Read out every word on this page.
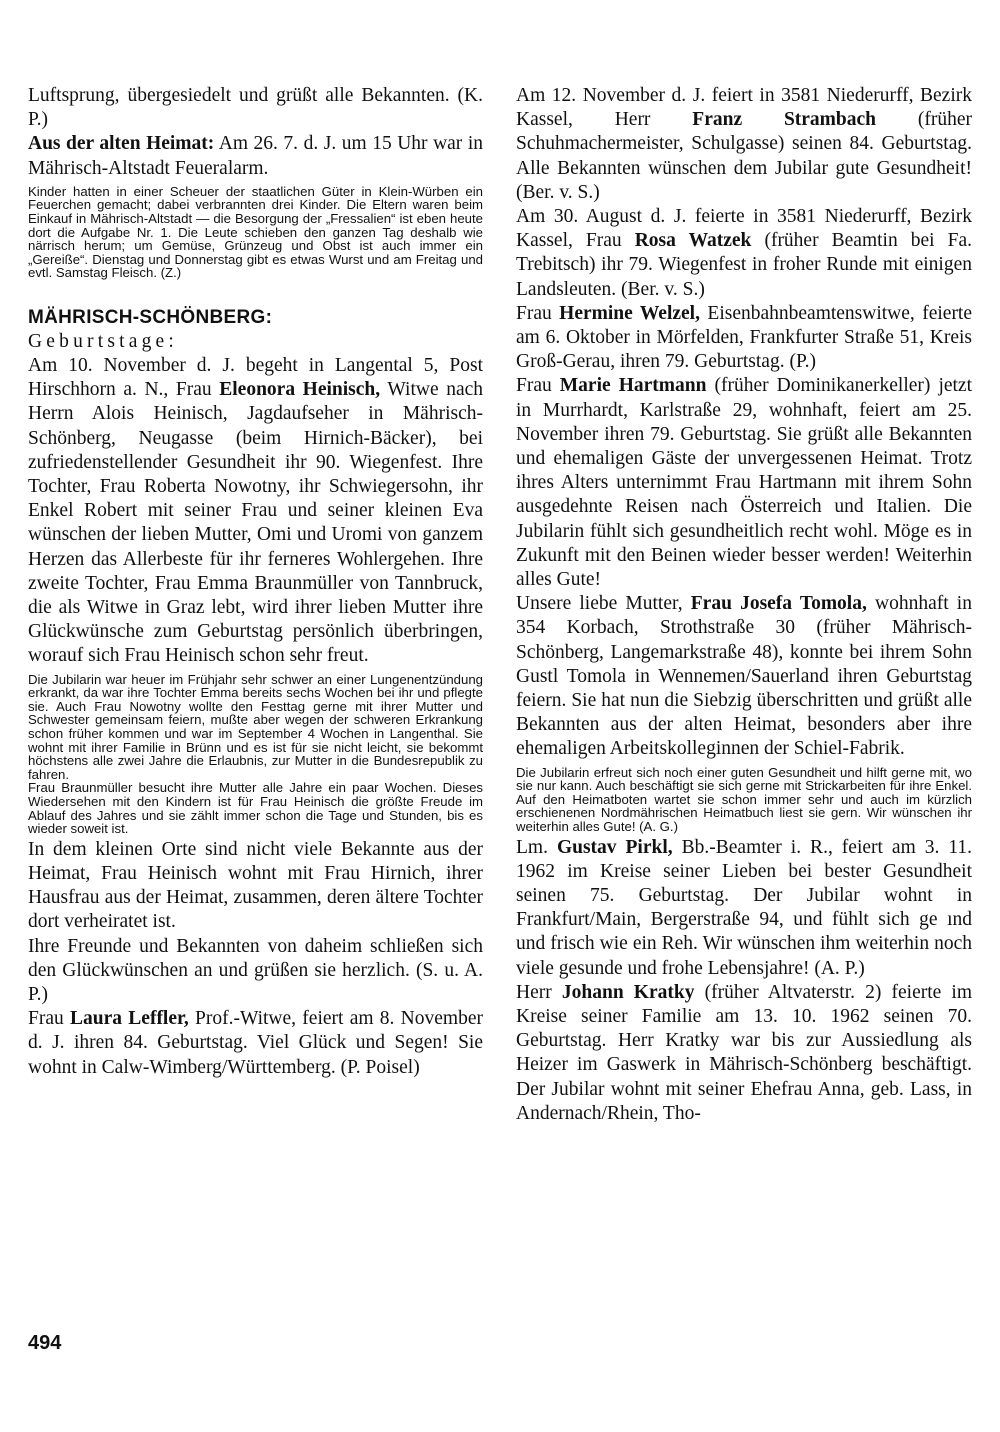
Luftsprung, übergesiedelt und grüßt alle Bekannten. (K. P.)

Aus der alten Heimat: Am 26. 7. d. J. um 15 Uhr war in Mährisch-Altstadt Feueralarm.

Kinder hatten in einer Scheuer der staatlichen Güter in Klein-Würben ein Feuerchen gemacht; dabei verbrannten drei Kinder. Die Eltern waren beim Einkauf in Mährisch-Altstadt — die Besorgung der „Fressalien“ ist eben heute dort die Aufgabe Nr. 1. Die Leute schieben den ganzen Tag deshalb wie närrisch herum; um Gemüse, Grünzeug und Obst ist auch immer ein „Gereiße“. Dienstag und Donnerstag gibt es etwas Wurst und am Freitag und evtl. Samstag Fleisch. (Z.)

MÄHRISCH-SCHÖNBERG:
Geburtstage:

Am 10. November d. J. begeht in Langental 5, Post Hirschhorn a. N., Frau Eleonora Heinisch, Witwe nach Herrn Alois Heinisch, Jagdaufseher in Mährisch-Schönberg, Neugasse (beim Hirnich-Bäcker), bei zufriedenstellender Gesundheit ihr 90. Wiegenfest. Ihre Tochter, Frau Roberta Nowotny, ihr Schwiegersohn, ihr Enkel Robert mit seiner Frau und seiner kleinen Eva wünschen der lieben Mutter, Omi und Uromi von ganzem Herzen das Allerbeste für ihr ferneres Wohlergehen. Ihre zweite Tochter, Frau Emma Braunmüller von Tannbruck, die als Witwe in Graz lebt, wird ihrer lieben Mutter ihre Glückwünsche zum Geburtstag persönlich überbringen, worauf sich Frau Heinisch schon sehr freut.

Die Jubilarin war heuer im Frühjahr sehr schwer an einer Lungenentzündung erkrankt, da war ihre Tochter Emma bereits sechs Wochen bei ihr und pflegte sie. Auch Frau Nowotny wollte den Festtag gerne mit ihrer Mutter und Schwester gemeinsam feiern, mußte aber wegen der schweren Erkrankung schon früher kommen und war im September 4 Wochen in Langenthal. Sie wohnt mit ihrer Familie in Brünn und es ist für sie nicht leicht, sie bekommt höchstens alle zwei Jahre die Erlaubnis, zur Mutter in die Bundesrepublik zu fahren.

Frau Braunmüller besucht ihre Mutter alle Jahre ein paar Wochen. Dieses Wiedersehen mit den Kindern ist für Frau Heinisch die größte Freude im Ablauf des Jahres und sie zählt immer schon die Tage und Stunden, bis es wieder soweit ist.

In dem kleinen Orte sind nicht viele Bekannte aus der Heimat, Frau Heinisch wohnt mit Frau Hirnich, ihrer Hausfrau aus der Heimat, zusammen, deren ältere Tochter dort verheiratet ist.

Ihre Freunde und Bekannten von daheim schließen sich den Glückwünschen an und grüßen sie herzlich. (S. u. A. P.)

Frau Laura Leffler, Prof.-Witwe, feiert am 8. November d. J. ihren 84. Geburtstag. Viel Glück und Segen! Sie wohnt in Calw-Wimberg/Württemberg. (P. Poisel)

Am 12. November d. J. feiert in 3581 Niederurff, Bezirk Kassel, Herr Franz Strambach (früher Schuhmachermeister, Schulgasse) seinen 84. Geburtstag. Alle Bekannten wünschen dem Jubilar gute Gesundheit! (Ber. v. S.)

Am 30. August d. J. feierte in 3581 Niederurff, Bezirk Kassel, Frau Rosa Watzek (früher Beamtin bei Fa. Trebitsch) ihr 79. Wiegenfest in froher Runde mit einigen Landsleuten. (Ber. v. S.)

Frau Hermine Welzel, Eisenbahnbeamtenswitwe, feierte am 6. Oktober in Mörfelden, Frankfurter Straße 51, Kreis Groß-Gerau, ihren 79. Geburtstag. (P.)

Frau Marie Hartmann (früher Dominikanerkeller) jetzt in Murrhardt, Karlstraße 29, wohnhaft, feiert am 25. November ihren 79. Geburtstag. Sie grüßt alle Bekannten und ehemaligen Gäste der unvergessenen Heimat. Trotz ihres Alters unternimmt Frau Hartmann mit ihrem Sohn ausgedehnte Reisen nach Österreich und Italien. Die Jubilarin fühlt sich gesundheitlich recht wohl. Möge es in Zukunft mit den Beinen wieder besser werden! Weiterhin alles Gute!

Unsere liebe Mutter, Frau Josefa Tomola, wohnhaft in 354 Korbach, Strothstraße 30 (früher Mährisch-Schönberg, Langemarkstraße 48), konnte bei ihrem Sohn Gustl Tomola in Wennemen/Sauerland ihren Geburtstag feiern. Sie hat nun die Siebzig überschritten und grüßt alle Bekannten aus der alten Heimat, besonders aber ihre ehemaligen Arbeitskolleginnen der Schiel-Fabrik.

Die Jubilarin erfreut sich noch einer guten Gesundheit und hilft gerne mit, wo sie nur kann. Auch beschäftigt sie sich gerne mit Strickarbeiten für ihre Enkel. Auf den Heimatboten wartet sie schon immer sehr und auch im kürzlich erschienenen Nordmährischen Heimatbuch liest sie gern. Wir wünschen ihr weiterhin alles Gute! (A. G.)

Lm. Gustav Pirkl, Bb.-Beamter i. R., feiert am 3. 11. 1962 im Kreise seiner Lieben bei bester Gesundheit seinen 75. Geburtstag. Der Jubilar wohnt in Frankfurt/Main, Bergerstraße 94, und fühlt sich ge ınd und frisch wie ein Reh. Wir wünschen ihm weiterhin noch viele gesunde und frohe Lebensjahre! (A. P.)

Herr Johann Kratky (früher Altvaterstr. 2) feierte im Kreise seiner Familie am 13. 10. 1962 seinen 70. Geburtstag. Herr Kratky war bis zur Aussiedlung als Heizer im Gaswerk in Mährisch-Schönberg beschäftigt. Der Jubilar wohnt mit seiner Ehefrau Anna, geb. Lass, in Andernach/Rhein, Tho-

494
